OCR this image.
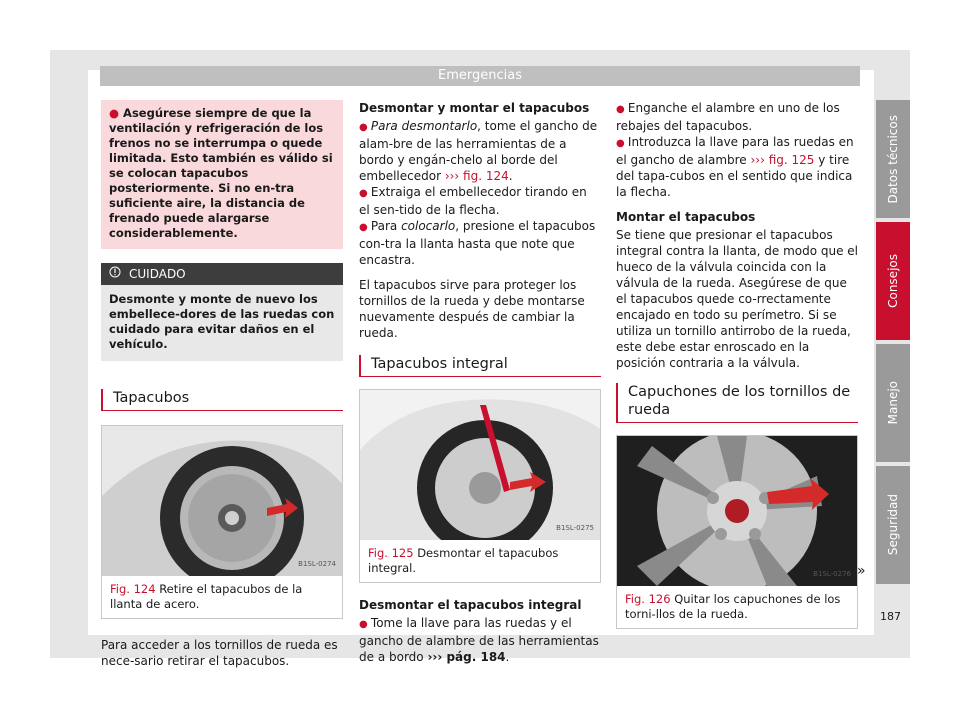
Emergencias
● Asegúrese siempre de que la ventilación y refrigeración de los frenos no se interrumpa o quede limitada. Esto también es válido si se colocan tapacubos posteriormente. Si no en-tra suficiente aire, la distancia de frenado puede alargarse considerablemente.
CUIDADO
Desmonte y monte de nuevo los embellece-dores de las ruedas con cuidado para evitar daños en el vehículo.
Tapacubos
B1SL-0274
Fig. 124 Retire el tapacubos de la llanta de acero.

Para acceder a los tornillos de rueda es nece-sario retirar el tapacubos.

Desmontar y montar el tapacubos

● Para desmontarlo, tome el gancho de alam-bre de las herramientas de a bordo y engán-chelo al borde del embellecedor ››› fig. 124.

● Extraiga el embellecedor tirando en el sen-tido de la flecha.

● Para colocarlo, presione el tapacubos con-tra la llanta hasta que note que encastra.

El tapacubos sirve para proteger los tornillos de la rueda y debe montarse nuevamente después de cambiar la rueda.

Tapacubos integral
B1SL-0275
Fig. 125 Desmontar el tapacubos integral.
Desmontar el tapacubos integral

● Tome la llave para las ruedas y el gancho de alambre de las herramientas de a bordo ››› pág. 184.

● Enganche el alambre en uno de los rebajes del tapacubos.

● Introduzca la llave para las ruedas en el gancho de alambre ››› fig. 125 y tire del tapa-cubos en el sentido que indica la flecha.

Montar el tapacubos

Se tiene que presionar el tapacubos integral contra la llanta, de modo que el hueco de la válvula coincida con la válvula de la rueda. Asegúrese de que el tapacubos quede co-rrectamente encajado en todo su perímetro. Si se utiliza un tornillo antirrobo de la rueda, este debe estar enroscado en la posición contraria a la válvula.

Capuchones de los tornillos de rueda
B1SL-0276
Fig. 126 Quitar los capuchones de los torni-llos de la rueda.
»
Datos técnicos
Consejos
Manejo
Seguridad
187
